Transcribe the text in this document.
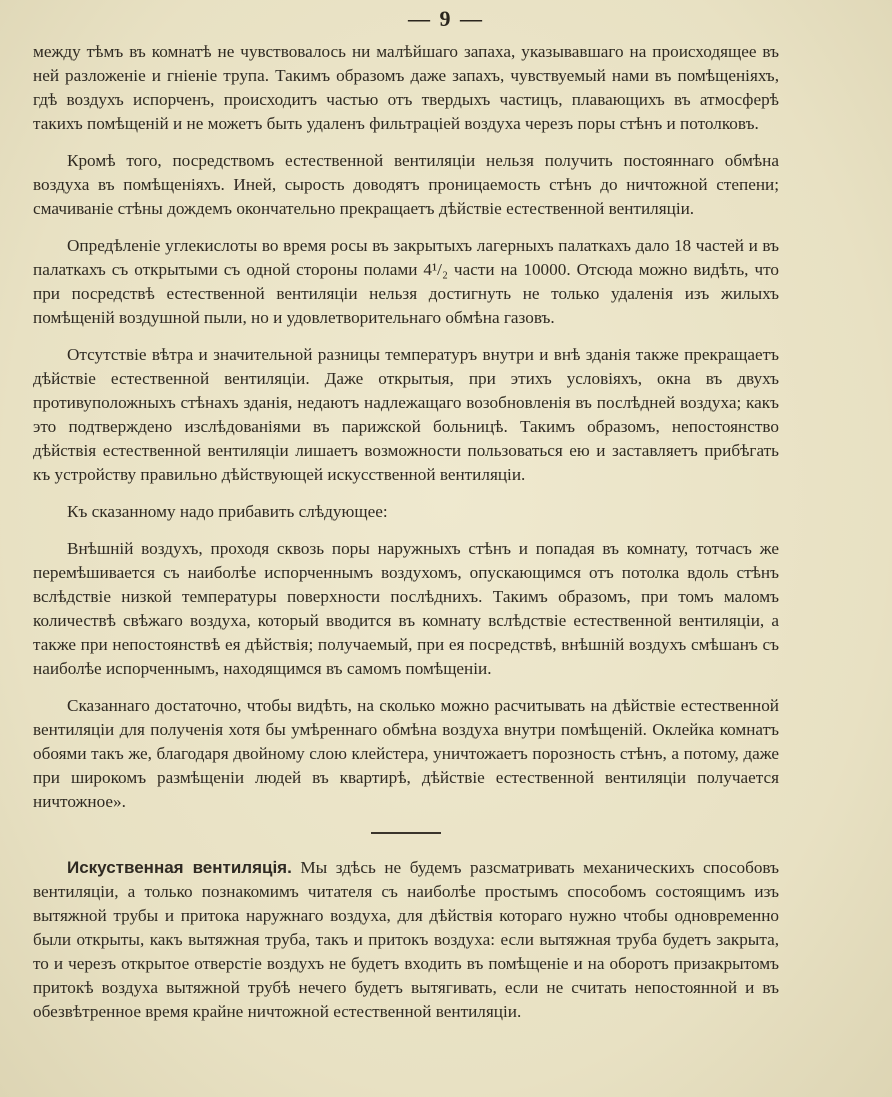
— 9 —

между тѣмъ въ комнатѣ не чувствовалось ни малѣйшаго запаха, указывавшаго на происходящее въ ней разложеніе и гніеніе трупа. Такимъ образомъ даже запахъ, чувствуемый нами въ помѣщеніяхъ, гдѣ воздухъ испорченъ, происходитъ частью отъ твердыхъ частицъ, плавающихъ въ атмосферѣ такихъ помѣщеній и не можетъ быть удаленъ фильтраціей воздуха черезъ поры стѣнъ и потолковъ.

Кромѣ того, посредствомъ естественной вентиляціи нельзя получить постояннаго обмѣна воздуха въ помѣщеніяхъ. Иней, сырость доводятъ проницаемость стѣнъ до ничтожной степени; смачиваніе стѣны дождемъ окончательно прекращаетъ дѣйствіе естественной вентиляціи.

Опредѣленіе углекислоты во время росы въ закрытыхъ лагерныхъ палаткахъ дало 18 частей и въ палаткахъ съ открытыми съ одной стороны полами 4¹/₂ части на 10000. Отсюда можно видѣть, что при посредствѣ естественной вентиляціи нельзя достигнуть не только удаленія изъ жилыхъ помѣщеній воздушной пыли, но и удовлетворительнаго обмѣна газовъ.

Отсутствіе вѣтра и значительной разницы температуръ внутри и внѣ зданія также прекращаетъ дѣйствіе естественной вентиляціи. Даже открытыя, при этихъ условіяхъ, окна въ двухъ противуположныхъ стѣнахъ зданія, недаютъ надлежащаго возобновленія въ послѣдней воздуха; какъ это подтверждено изслѣдованіями въ парижской больницѣ. Такимъ образомъ, непостоянство дѣйствія естественной вентиляціи лишаетъ возможности пользоваться ею и заставляетъ прибѣгать къ устройству правильно дѣйствующей искусственной вентиляціи.

Къ сказанному надо прибавить слѣдующее:

Внѣшній воздухъ, проходя сквозь поры наружныхъ стѣнъ и попадая въ комнату, тотчасъ же перемѣшивается съ наиболѣе испорченнымъ воздухомъ, опускающимся отъ потолка вдоль стѣнъ вслѣдствіе низкой температуры поверхности послѣднихъ. Такимъ образомъ, при томъ маломъ количествѣ свѣжаго воздуха, который вводится въ комнату вслѣдствіе естественной вентиляціи, а также при непостоянствѣ ея дѣйствія; получаемый, при ея посредствѣ, внѣшній воздухъ смѣшанъ съ наиболѣе испорченнымъ, находящимся въ самомъ помѣщеніи.

Сказаннаго достаточно, чтобы видѣть, на сколько можно расчитывать на дѣйствіе естественной вентиляціи для полученія хотя бы умѣреннаго обмѣна воздуха внутри помѣщеній. Оклейка комнатъ обоями такъ же, благодаря двойному слою клейстера, уничтожаетъ порозность стѣнъ, а потому, даже при широкомъ размѣщеніи людей въ квартирѣ, дѣйствіе естественной вентиляціи получается ничтожное».

Искуственная вентиляція. Мы здѣсь не будемъ разсматривать механическихъ способовъ вентиляціи, а только познакомимъ читателя съ наиболѣе простымъ способомъ состоящимъ изъ вытяжной трубы и притока наружнаго воздуха, для дѣйствія котораго нужно чтобы одновременно были открыты, какъ вытяжная труба, такъ и притокъ воздуха: если вытяжная труба будетъ закрыта, то и черезъ открытое отверстіе воздухъ не будетъ входить въ помѣщеніе и на оборотъ призакрытомъ притокѣ воздуха вытяжной трубѣ нечего будетъ вытягивать, если не считать непостоянной и въ обезвѣтренное время крайне ничтожной естественной вентиляціи.
